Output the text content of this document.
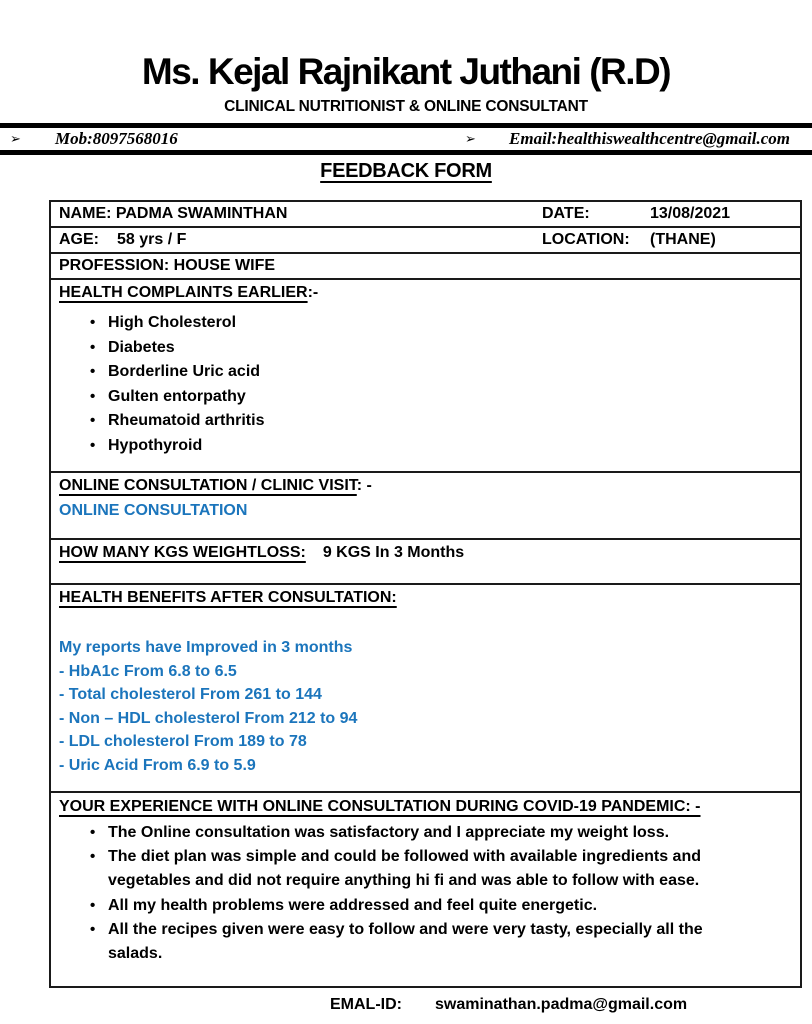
Ms. Kejal Rajnikant Juthani (R.D)
CLINICAL NUTRITIONIST & ONLINE CONSULTANT
➢ Mob:8097568016	➢ Email:healthiswealthcentre@gmail.com
FEEDBACK FORM
NAME: PADMA SWAMINTHAN	DATE:	13/08/2021
AGE: 58 yrs / F	LOCATION:	(THANE)
PROFESSION: HOUSE WIFE
HEALTH COMPLAINTS EARLIER:-
• High Cholesterol
• Diabetes
• Borderline Uric acid
• Gulten entorpathy
• Rheumatoid arthritis
• Hypothyroid
ONLINE CONSULTATION / CLINIC VISIT: -
ONLINE CONSULTATION
HOW MANY KGS WEIGHTLOSS: 9 KGS In 3 Months
HEALTH BENEFITS AFTER CONSULTATION:
My reports have Improved in 3 months
- HbA1c From 6.8 to 6.5
- Total cholesterol From 261 to 144
- Non – HDL cholesterol From 212 to 94
- LDL cholesterol From 189 to 78
- Uric Acid From 6.9 to 5.9
YOUR EXPERIENCE WITH ONLINE CONSULTATION DURING COVID-19 PANDEMIC: -
• The Online consultation was satisfactory and I appreciate my weight loss.
• The diet plan was simple and could be followed with available ingredients and vegetables and did not require anything hi fi and was able to follow with ease.
• All my health problems were addressed and feel quite energetic.
• All the recipes given were easy to follow and were very tasty, especially all the salads.
EMAL-ID: swaminathan.padma@gmail.com
